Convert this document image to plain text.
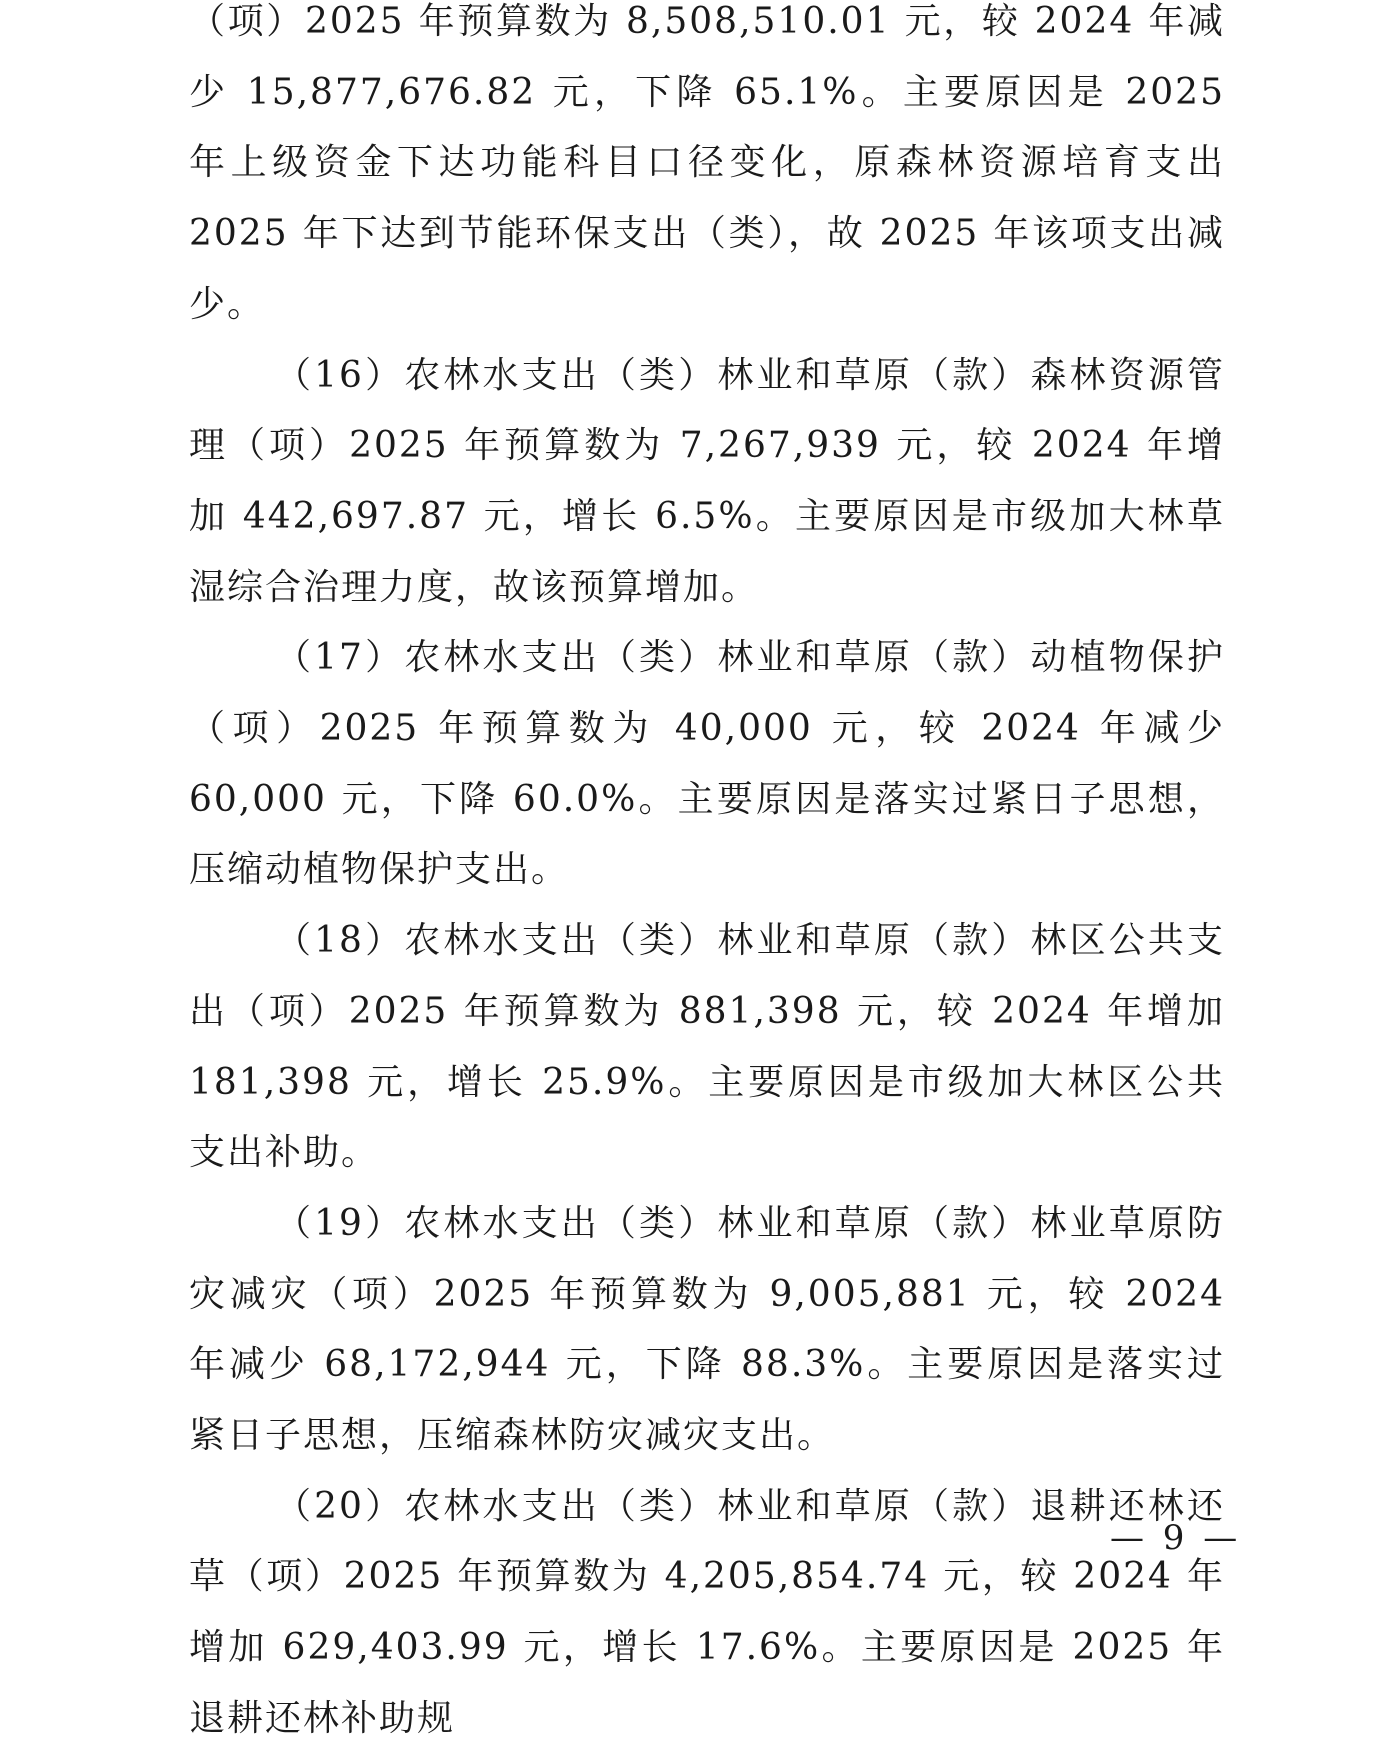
（项）2025 年预算数为 8,508,510.01 元，较 2024 年减少 15,877,676.82 元，下降 65.1%。主要原因是 2025 年上级资金下达功能科目口径变化，原森林资源培育支出 2025 年下达到节能环保支出（类），故 2025 年该项支出减少。

（16）农林水支出（类）林业和草原（款）森林资源管理（项）2025 年预算数为 7,267,939 元，较 2024 年增加 442,697.87 元，增长 6.5%。主要原因是市级加大林草湿综合治理力度，故该预算增加。

（17）农林水支出（类）林业和草原（款）动植物保护（项）2025 年预算数为 40,000 元，较 2024 年减少 60,000 元，下降 60.0%。主要原因是落实过紧日子思想，压缩动植物保护支出。

（18）农林水支出（类）林业和草原（款）林区公共支出（项）2025 年预算数为 881,398 元，较 2024 年增加 181,398 元，增长 25.9%。主要原因是市级加大林区公共支出补助。

（19）农林水支出（类）林业和草原（款）林业草原防灾减灾（项）2025 年预算数为 9,005,881 元，较 2024 年减少 68,172,944 元，下降 88.3%。主要原因是落实过紧日子思想，压缩森林防灾减灾支出。

（20）农林水支出（类）林业和草原（款）退耕还林还草（项）2025 年预算数为 4,205,854.74 元，较 2024 年增加 629,403.99 元，增长 17.6%。主要原因是 2025 年退耕还林补助规

— 9 —
